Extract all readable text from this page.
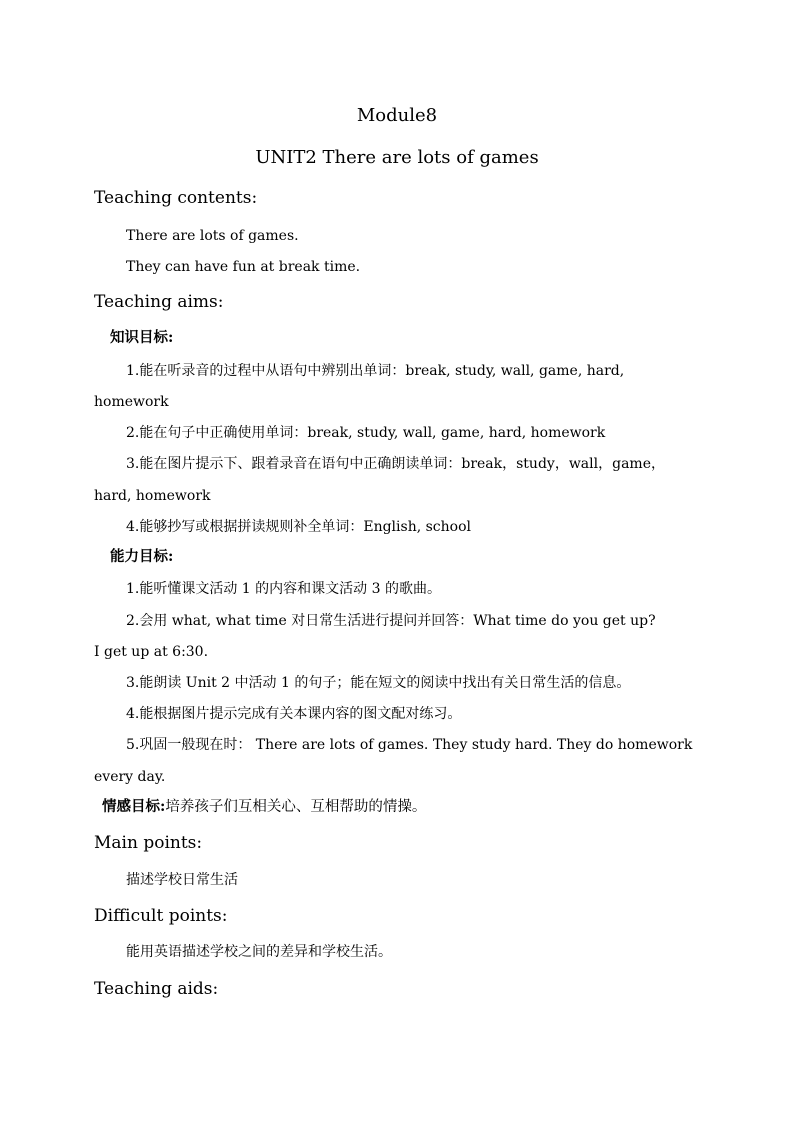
Module8
UNIT2 There are lots of games
Teaching contents:
There are lots of games.
They can have fun at break time.
Teaching aims:
知识目标:
1.能在听录音的过程中从语句中辨别出单词：break, study, wall, game, hard,
homework
2.能在句子中正确使用单词：break, study, wall, game, hard, homework
3.能在图片提示下、跟着录音在语句中正确朗读单词：break，study，wall，game，
hard, homework
4.能够抄写或根据拼读规则补全单词：English, school
能力目标:
1.能听懂课文活动 1 的内容和课文活动 3 的歌曲。
2.会用 what, what time 对日常生活进行提问并回答：What time do you get up?
I get up at 6:30.
3.能朗读 Unit 2 中活动 1 的句子；能在短文的阅读中找出有关日常生活的信息。
4.能根据图片提示完成有关本课内容的图文配对练习。
5.巩固一般现在时： There are lots of games. They study hard. They do homework
every day.
情感目标:培养孩子们互相关心、互相帮助的情操。
Main points:
描述学校日常生活
Difficult points:
能用英语描述学校之间的差异和学校生活。
Teaching aids:
